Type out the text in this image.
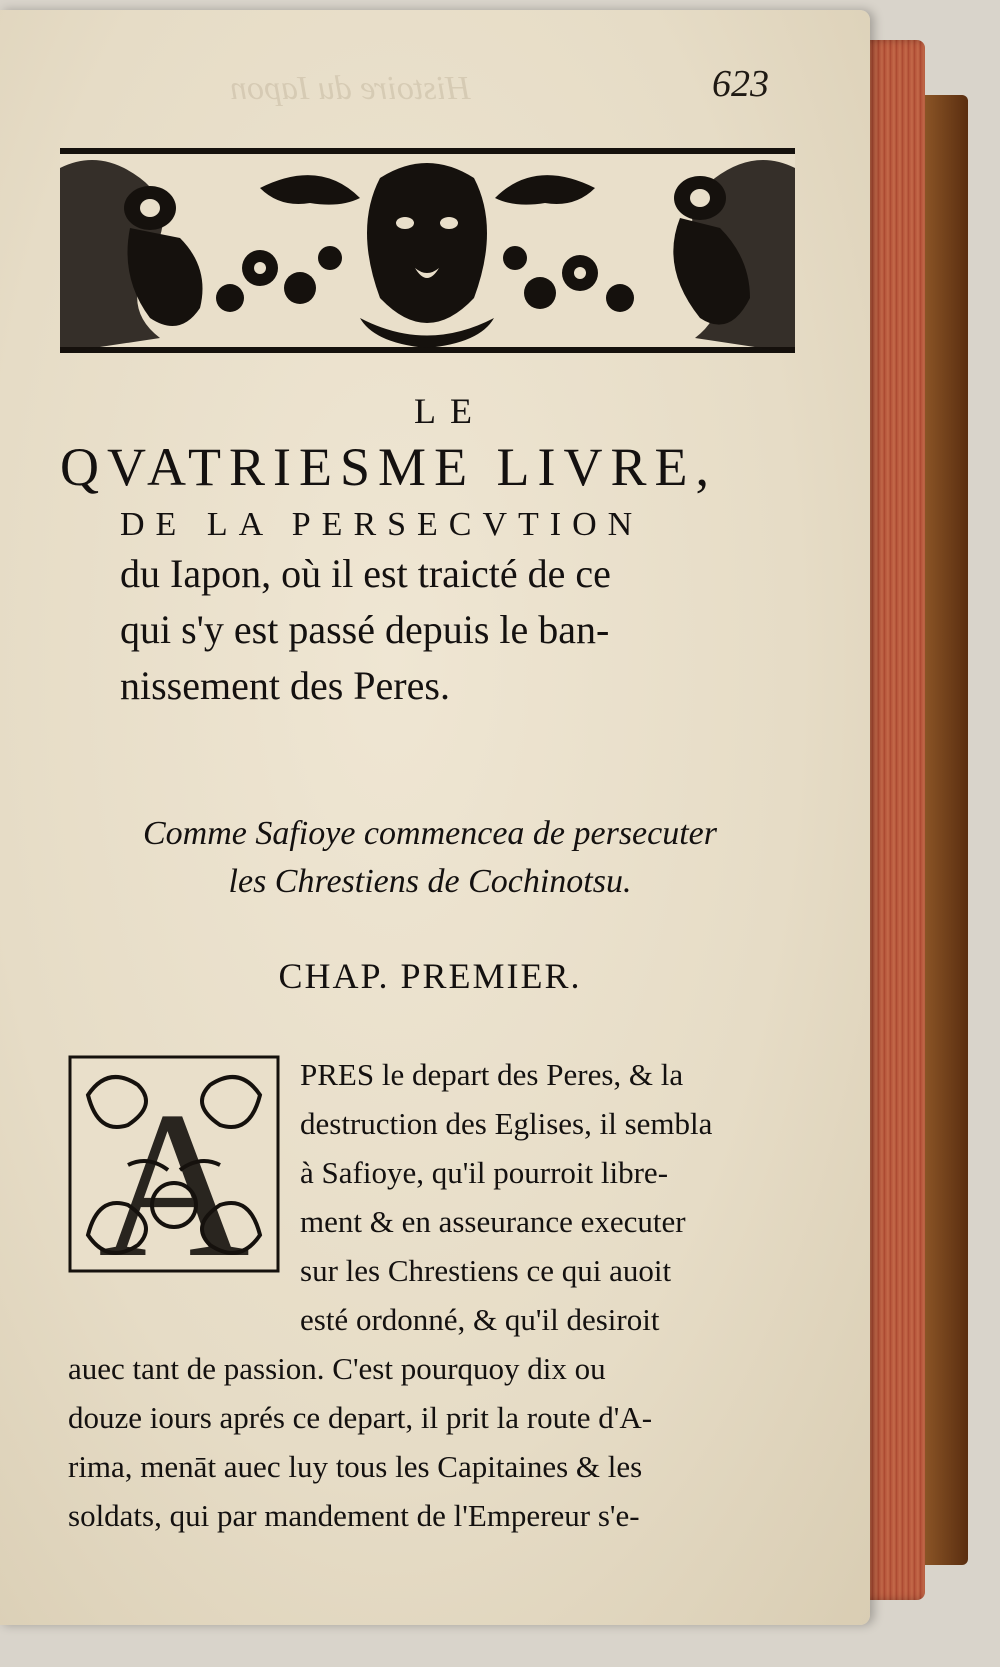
Histoire du Iapon	623
LE
QVATRIESME LIVRE,
DE LA PERSECVTION
du Iapon, où il est traicté de ce
qui s'y est passé depuis le ban-
nissement des Peres.
Comme Safioye commencea de persecuter
les Chrestiens de Cochinotsu.
CHAP. PREMIER.
A PRES le depart des Peres, & la
destruction des Eglises, il sembla
à Safioye, qu'il pourroit libre-
ment & en asseurance executer
sur les Chrestiens ce qui auoit
esté ordonné, & qu'il desiroit
auec tant de passion. C'est pourquoy dix ou
douze iours aprés ce depart, il prit la route d'A-
rima, menāt auec luy tous les Capitaines & les
soldats, qui par mandement de l'Empereur s'e-
